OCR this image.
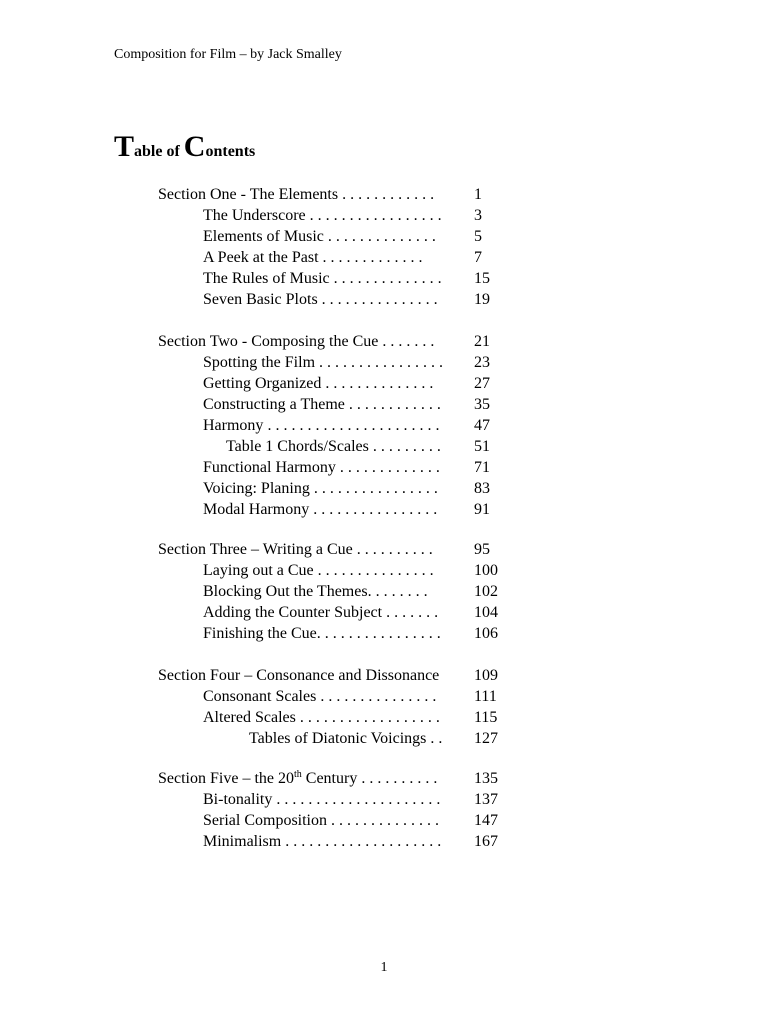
Composition for Film – by Jack Smalley
Table of Contents
Section One - The Elements . . . . . . . . . . . . 1
The Underscore . . . . . . . . . . . . . . . . . 3
Elements of Music . . . . . . . . . . . . . . 5
A Peek at the Past . . . . . . . . . . . . .	7
The Rules of Music . . . . . . . . . . . . . . 15
Seven Basic Plots . . . . . . . . . . . . . . . 19
Section Two - Composing the Cue . . . . . . . 21
Spotting the Film . . . . . . . . . . . . . . . . 23
Getting Organized . . . . . . . . . . . . . .	27
Constructing a Theme . . . . . . . . . . . . 35
Harmony . . . . . . . . . . . . . . . . . . . . . . 47
Table 1 Chords/Scales . . . . . . . . . 51
Functional Harmony . . . . . . . . . . . . . 71
Voicing: Planing . . . . . . . . . . . . . . . . 83
Modal Harmony . . . . . . . . . . . . . . . . 91
Section Three – Writing a Cue . . . . . . . . . .	95
Laying out a Cue . . . . . . . . . . . . . . .	100
Blocking Out the Themes. . . . . . . .	102
Adding the Counter Subject . . . . . . . 104
Finishing the Cue. . . . . . . . . . . . . . . . 106
Section Four – Consonance and Dissonance 109
Consonant Scales . . . . . . . . . . . . . . . 111
Altered Scales . . . . . . . . . . . . . . . . . . 115
Tables of Diatonic Voicings . . 127
Section Five – the 20th Century . . . . . . . . . . 135
Bi-tonality . . . . . . . . . . . . . . . . . . . . . 137
Serial Composition . . . . . . . . . . . . . . 147
Minimalism . . . . . . . . . . . . . . . . . . . . 167
1
